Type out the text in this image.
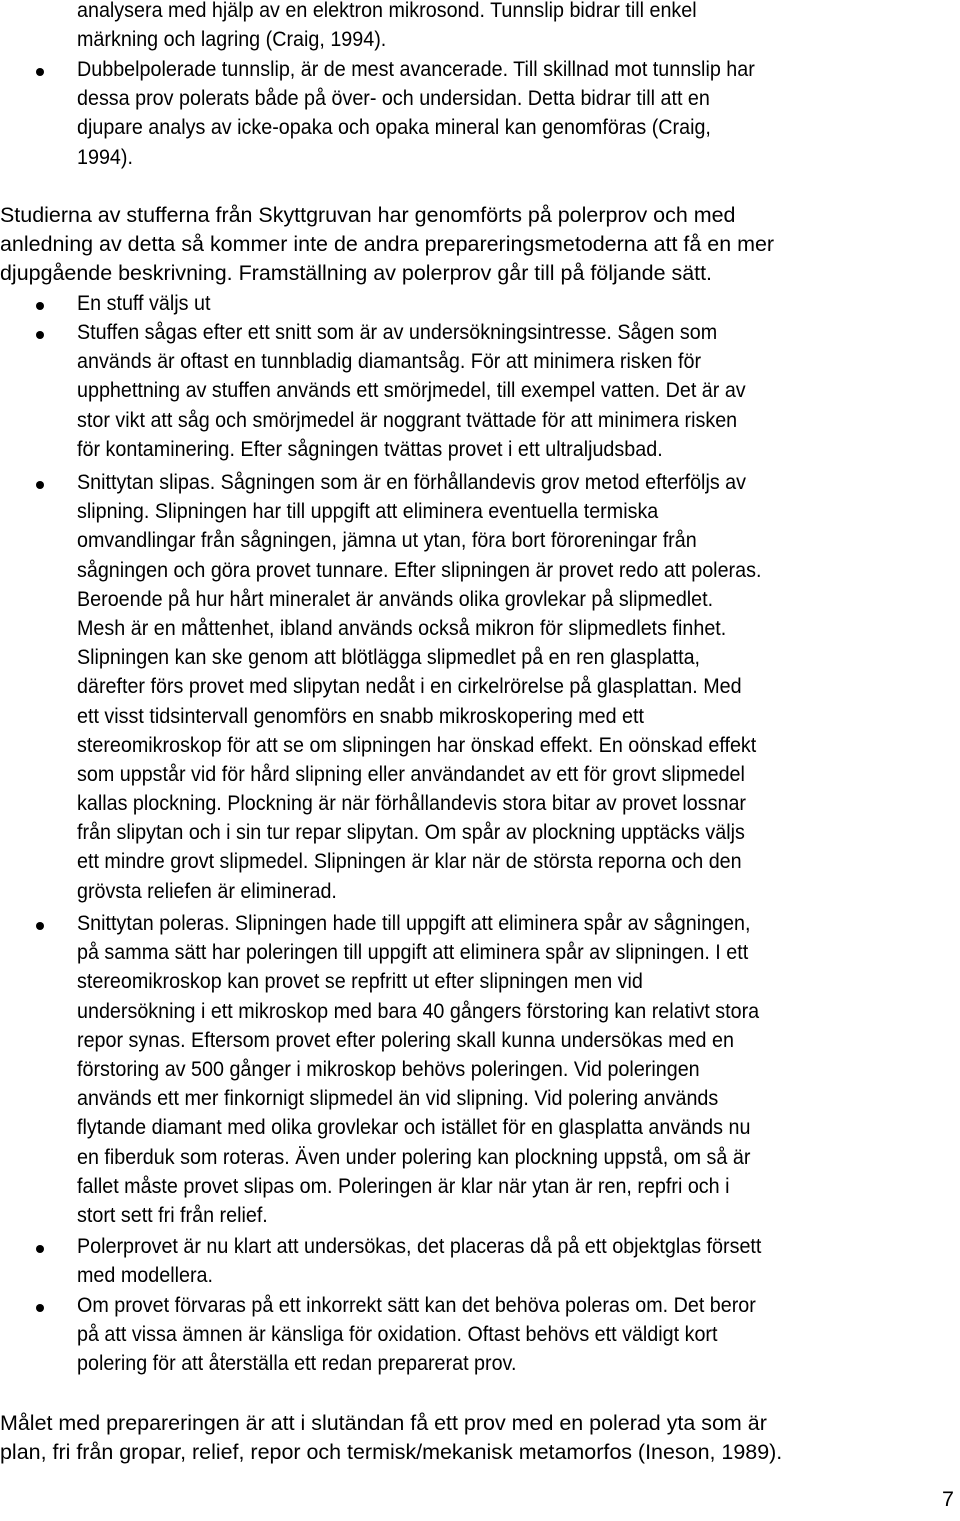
analysera med hjälp av en elektron mikrosond. Tunnslip bidrar till enkel
märkning och lagring (Craig, 1994).
Dubbelpolerade tunnslip, är de mest avancerade. Till skillnad mot tunnslip har
dessa prov polerats både på över- och undersidan. Detta bidrar till att en
djupare analys av icke-opaka och opaka mineral kan genomföras (Craig,
1994).
Studierna av stufferna från Skyttgruvan har genomförts på polerprov och med
anledning av detta så kommer inte de andra prepareringsmetoderna att få en mer
djupgående beskrivning. Framställning av polerprov går till på följande sätt.
En stuff väljs ut
Stuffen sågas efter ett snitt som är av undersökningsintresse. Sågen som
används är oftast en tunnbladig diamantsåg. För att minimera risken för
upphettning av stuffen används ett smörjmedel, till exempel vatten. Det är av
stor vikt att såg och smörjmedel är noggrant tvättade för att minimera risken
för kontaminering. Efter sågningen tvättas provet i ett ultraljudsbad.
Snittytan slipas. Sågningen som är en förhållandevis grov metod efterföljs av
slipning. Slipningen har till uppgift att eliminera eventuella termiska
omvandlingar från sågningen, jämna ut ytan, föra bort föroreningar från
sågningen och göra provet tunnare. Efter slipningen är provet redo att poleras.
Beroende på hur hårt mineralet är används olika grovlekar på slipmedlet.
Mesh är en måttenhet, ibland används också mikron för slipmedlets finhet.
Slipningen kan ske genom att blötlägga slipmedlet på en ren glasplatta,
därefter förs provet med slipytan nedåt i en cirkelrörelse på glasplattan. Med
ett visst tidsintervall genomförs en snabb mikroskopering med ett
stereomikroskop för att se om slipningen har önskad effekt. En oönskad effekt
som uppstår vid för hård slipning eller användandet av ett för grovt slipmedel
kallas plockning. Plockning är när förhållandevis stora bitar av provet lossnar
från slipytan och i sin tur repar slipytan. Om spår av plockning upptäcks väljs
ett mindre grovt slipmedel. Slipningen är klar när de största reporna och den
grövsta reliefen är eliminerad.
Snittytan poleras. Slipningen hade till uppgift att eliminera spår av sågningen,
på samma sätt har poleringen till uppgift att eliminera spår av slipningen. I ett
stereomikroskop kan provet se repfritt ut efter slipningen men vid
undersökning i ett mikroskop med bara 40 gångers förstoring kan relativt stora
repor synas. Eftersom provet efter polering skall kunna undersökas med en
förstoring av 500 gånger i mikroskop behövs poleringen. Vid poleringen
används ett mer finkornigt slipmedel än vid slipning. Vid polering används
flytande diamant med olika grovlekar och istället för en glasplatta används nu
en fiberduk som roteras. Även under polering kan plockning uppstå, om så är
fallet måste provet slipas om. Poleringen är klar när ytan är ren, repfri och i
stort sett fri från relief.
Polerprovet är nu klart att undersökas, det placeras då på ett objektglas försett
med modellera.
Om provet förvaras på ett inkorrekt sätt kan det behöva poleras om. Det beror
på att vissa ämnen är känsliga för oxidation. Oftast behövs ett väldigt kort
polering för att återställa ett redan preparerat prov.
Målet med prepareringen är att i slutändan få ett prov med en polerad yta som är
plan, fri från gropar, relief, repor och termisk/mekanisk metamorfos (Ineson, 1989).
7
